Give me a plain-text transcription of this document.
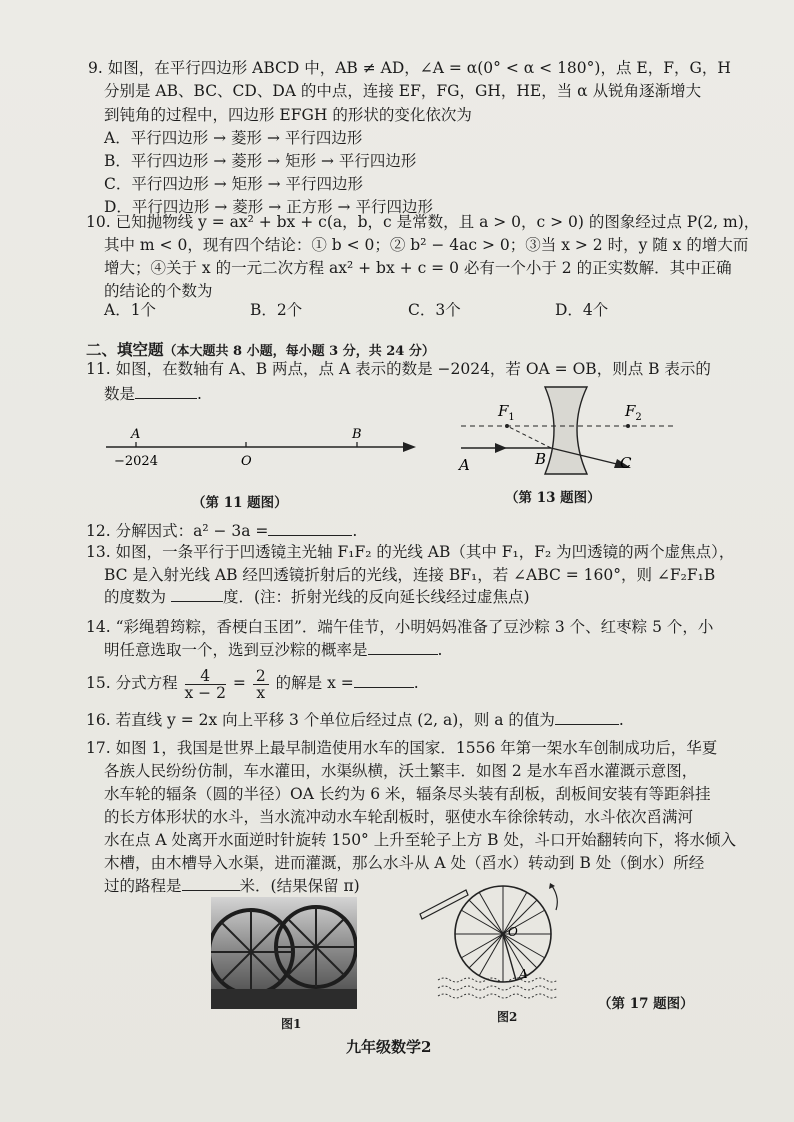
9. 如图，在平行四边形 ABCD 中，AB ≠ AD，∠A = α(0° < α < 180°)，点 E，F，G，H
分别是 AB、BC、CD、DA 的中点，连接 EF，FG，GH，HE，当 α 从锐角逐渐增大
到钝角的过程中，四边形 EFGH 的形状的变化依次为
A．平行四边形 → 菱形 → 平行四边形
B．平行四边形 → 菱形 → 矩形 → 平行四边形
C．平行四边形 → 矩形 → 平行四边形
D．平行四边形 → 菱形 → 正方形 → 平行四边形
10. 已知抛物线 y = ax² + bx + c(a，b，c 是常数，且 a > 0，c > 0) 的图象经过点 P(2, m)，
其中 m < 0，现有四个结论：① b < 0；② b² − 4ac > 0；③当 x > 2 时，y 随 x 的增大而
增大；④关于 x 的一元二次方程 ax² + bx + c = 0 必有一个小于 2 的正实数解．其中正确
的结论的个数为
A．1个	B．2个	C．3个	D．4个
二、填空题（本大题共 8 小题，每小题 3 分，共 24 分）
11. 如图，在数轴有 A、B 两点，点 A 表示的数是 −2024，若 OA = OB，则点 B 表示的
数是	.
A	B
O
−2024
（第 11 题图）
$F_1$	$F_2$
A	B	C
（第 13 题图）
12. 分解因式：a² − 3a =	.
13. 如图，一条平行于凹透镜主光轴 F₁F₂ 的光线 AB（其中 F₁，F₂ 为凹透镜的两个虚焦点），
BC 是入射光线 AB 经凹透镜折射后的光线，连接 BF₁，若 ∠ABC = 160°，则 ∠F₂F₁B
的度数为	度．(注：折射光线的反向延长线经过虚焦点)
14. “彩绳碧筠粽，香梗白玉团”．端午佳节，小明妈妈准备了豆沙粽 3 个、红枣粽 5 个，小
明任意选取一个，选到豆沙粽的概率是	.
15. 分式方程 $\frac{4}{x - 2} = \frac{2}{x}$ 的解是 x =	.
16. 若直线 y = 2x 向上平移 3 个单位后经过点 (2, a)，则 a 的值为	.
17. 如图 1，我国是世界上最早制造使用水车的国家．1556 年第一架水车创制成功后，华夏
各族人民纷纷仿制，车水灌田，水渠纵横，沃土繁丰．如图 2 是水车舀水灌溉示意图，
水车轮的辐条（圆的半径）OA 长约为 6 米，辐条尽头装有刮板，刮板间安装有等距斜挂
的长方体形状的水斗，当水流冲动水车轮刮板时，驱使水车徐徐转动，水斗依次舀满河
水在点 A 处离开水面逆时针旋转 150° 上升至轮子上方 B 处，斗口开始翻转向下，将水倾入
木槽，由木槽导入水渠，进而灌溉，那么水斗从 A 处（舀水）转动到 B 处（倒水）所经
过的路程是	米．(结果保留 π)
图1
O
A
图2
（第 17 题图）
九年级数学2
